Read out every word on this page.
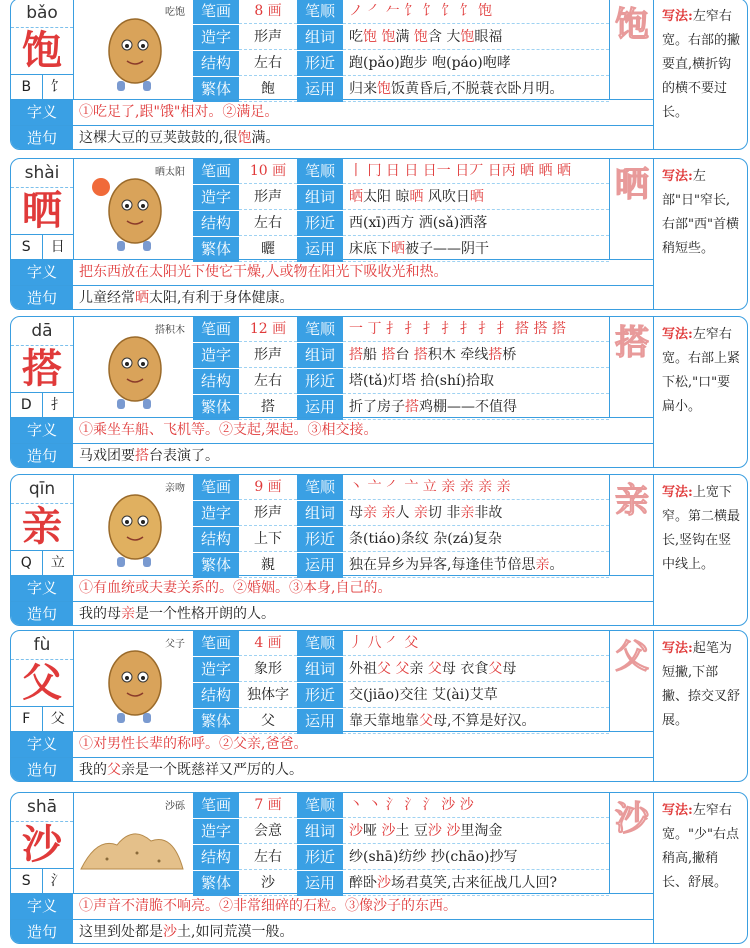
bǎo
饱
B	饣
吃饱	笔画	8 画	笔顺	ノ ㇒ 𠂉 饣 饣 饣 饣 饱
造字	形声	组词	吃饱 饱满 饱含 大饱眼福
结构	左右	形近	跑(pǎo)跑步 咆(páo)咆哮
繁体	飽	运用	归来饱饭黄昏后,不脱蓑衣卧月明。
饱	写法:左窄右宽。右部的撇要直,横折钩的横不要过长。
字义	①吃足了,跟"饿"相对。②满足。
造句	这棵大豆的豆荚鼓鼓的,很饱满。
shài
晒
S	日
晒太阳	笔画	10 画	笔顺	丨 冂 日 日 日一 日丆 日丙 晒 晒 晒
造字	形声	组词	晒太阳 晾晒 风吹日晒
结构	左右	形近	西(xī)西方 洒(sǎ)洒落
繁体	曬	运用	床底下晒被子——阴干
晒	写法:左部"日"窄长,右部"西"首横稍短些。
字义	把东西放在太阳光下使它干燥,人或物在阳光下吸收光和热。
造句	儿童经常晒太阳,有利于身体健康。
dā
搭
D	扌
搭积木	笔画	12 画	笔顺	一 丁 扌 扌 扌 扌 扌 扌 扌 搭 搭 搭
造字	形声	组词	搭船 搭台 搭积木 牵线搭桥
结构	左右	形近	塔(tǎ)灯塔 拾(shí)拾取
繁体	搭	运用	折了房子搭鸡棚——不值得
搭	写法:左窄右宽。右部上紧下松,"口"要扁小。
字义	①乘坐车船、飞机等。②支起,架起。③相交接。
造句	马戏团要搭台表演了。
qīn
亲
Q	立
亲吻	笔画	9 画	笔顺	丶 亠 ㇒ 亠 立 亲 亲 亲 亲
造字	形声	组词	母亲 亲人 亲切 非亲非故
结构	上下	形近	条(tiáo)条纹 杂(zá)复杂
繁体	親	运用	独在异乡为异客,每逢佳节倍思亲。
亲	写法:上宽下窄。第二横最长,竖钩在竖中线上。
字义	①有血统或夫妻关系的。②婚姻。③本身,自己的。
造句	我的母亲是一个性格开朗的人。
fù
父
F	父
父子	笔画	4 画	笔顺	丿 八 ㇒ 父
造字	象形	组词	外祖父 父亲 父母 衣食父母
结构	独体字	形近	交(jiāo)交往 艾(ài)艾草
繁体	父	运用	靠天靠地靠父母,不算是好汉。
父	写法:起笔为短撇,下部撇、捺交叉舒展。
字义	①对男性长辈的称呼。②父亲,爸爸。
造句	我的父亲是一个既慈祥又严厉的人。
shā
沙
S	氵
沙砾	笔画	7 画	笔顺	丶 丶 氵 氵 氵 沙 沙
造字	会意	组词	沙哑 沙土 豆沙 沙里淘金
结构	左右	形近	纱(shā)纺纱 抄(chāo)抄写
繁体	沙	运用	醉卧沙场君莫笑,古来征战几人回?
沙	写法:左窄右宽。"少"右点稍高,撇稍长、舒展。
字义	①声音不清脆不响亮。②非常细碎的石粒。③像沙子的东西。
造句	这里到处都是沙土,如同荒漠一般。
